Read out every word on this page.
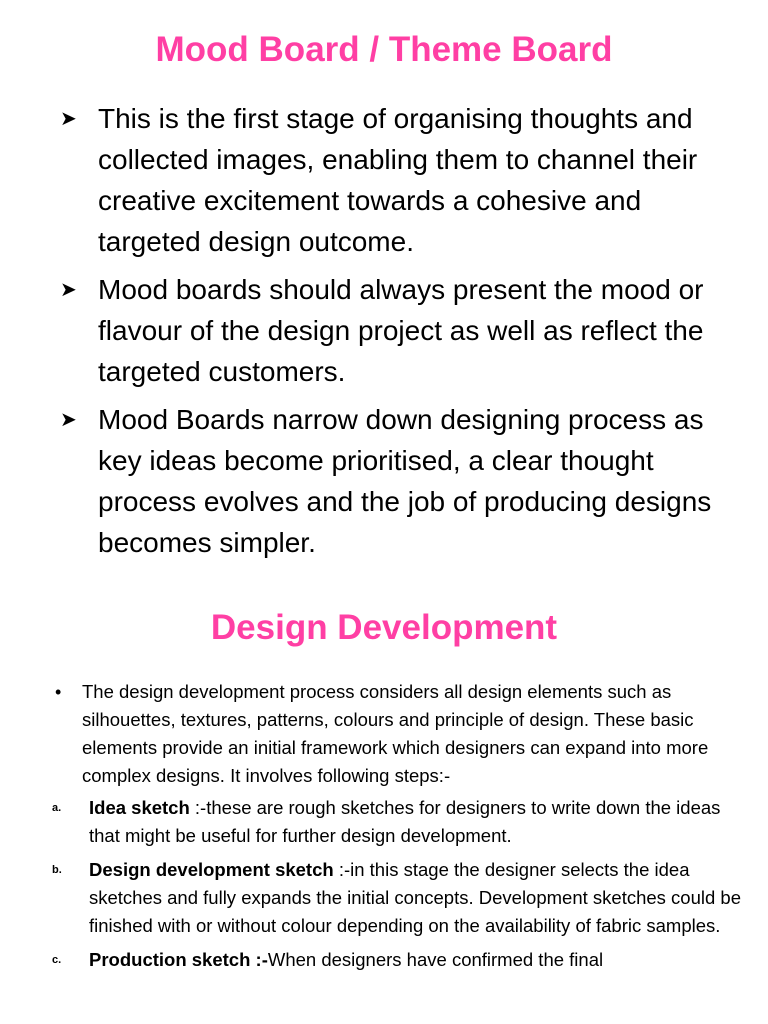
Mood Board / Theme Board
➤ This is the first stage of organising thoughts and collected images, enabling them to channel their creative excitement towards a cohesive and targeted design outcome.
➤ Mood boards should always present the mood or flavour of the design project as well as reflect the targeted customers.
➤ Mood Boards narrow down designing process as key ideas become prioritised, a clear thought process evolves and the job of producing designs becomes simpler.
Design Development

• The design development process considers all design elements such as silhouettes, textures, patterns, colours and principle of design. These basic elements provide an initial framework which designers can expand into more complex designs. It involves following steps:-

a. Idea sketch :-these are rough sketches for designers to write down the ideas that might be useful for further design development.

b. Design development sketch :-in this stage the designer selects the idea sketches and fully expands the initial concepts. Development sketches could be finished with or without colour depending on the availability of fabric samples.

c. Production sketch :-When designers have confirmed the final
